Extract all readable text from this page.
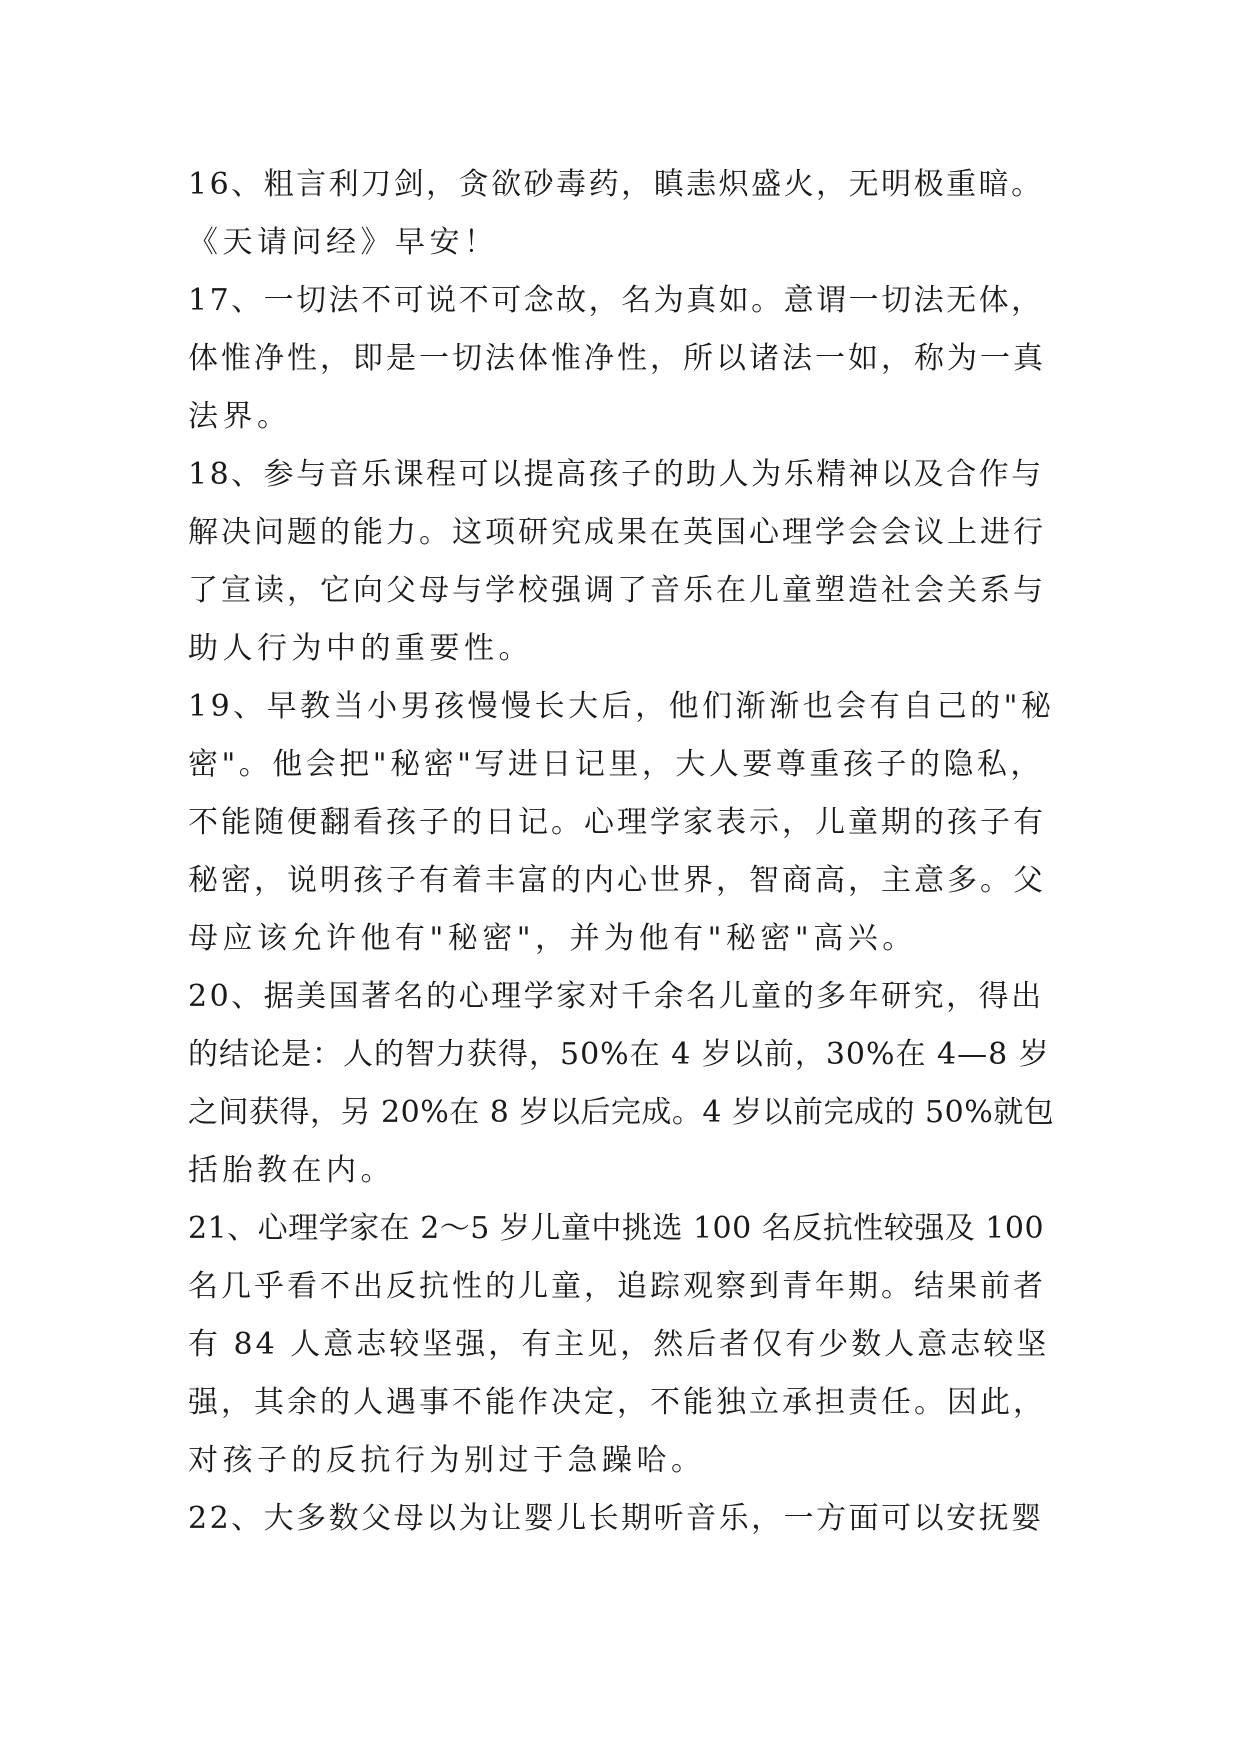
16、粗言利刀剑，贪欲砂毒药，瞋恚炽盛火，无明极重暗。
《天请问经》早安！
17、一切法不可说不可念故，名为真如。意谓一切法无体，
体惟净性，即是一切法体惟净性，所以诸法一如，称为一真
法界。
18、参与音乐课程可以提高孩子的助人为乐精神以及合作与
解决问题的能力。这项研究成果在英国心理学会会议上进行
了宣读，它向父母与学校强调了音乐在儿童塑造社会关系与
助人行为中的重要性。
19、早教当小男孩慢慢长大后，他们渐渐也会有自己的"秘
密"。他会把"秘密"写进日记里，大人要尊重孩子的隐私，
不能随便翻看孩子的日记。心理学家表示，儿童期的孩子有
秘密，说明孩子有着丰富的内心世界，智商高，主意多。父
母应该允许他有"秘密"，并为他有"秘密"高兴。
20、据美国著名的心理学家对千余名儿童的多年研究，得出
的结论是：人的智力获得，50%在 4 岁以前，30%在 4—8 岁
之间获得，另 20%在 8 岁以后完成。4 岁以前完成的 50%就包
括胎教在内。
21、心理学家在 2～5 岁儿童中挑选 100 名反抗性较强及 100
名几乎看不出反抗性的儿童，追踪观察到青年期。结果前者
有 84 人意志较坚强，有主见，然后者仅有少数人意志较坚
强，其余的人遇事不能作决定，不能独立承担责任。因此，
对孩子的反抗行为别过于急躁哈。
22、大多数父母以为让婴儿长期听音乐，一方面可以安抚婴
